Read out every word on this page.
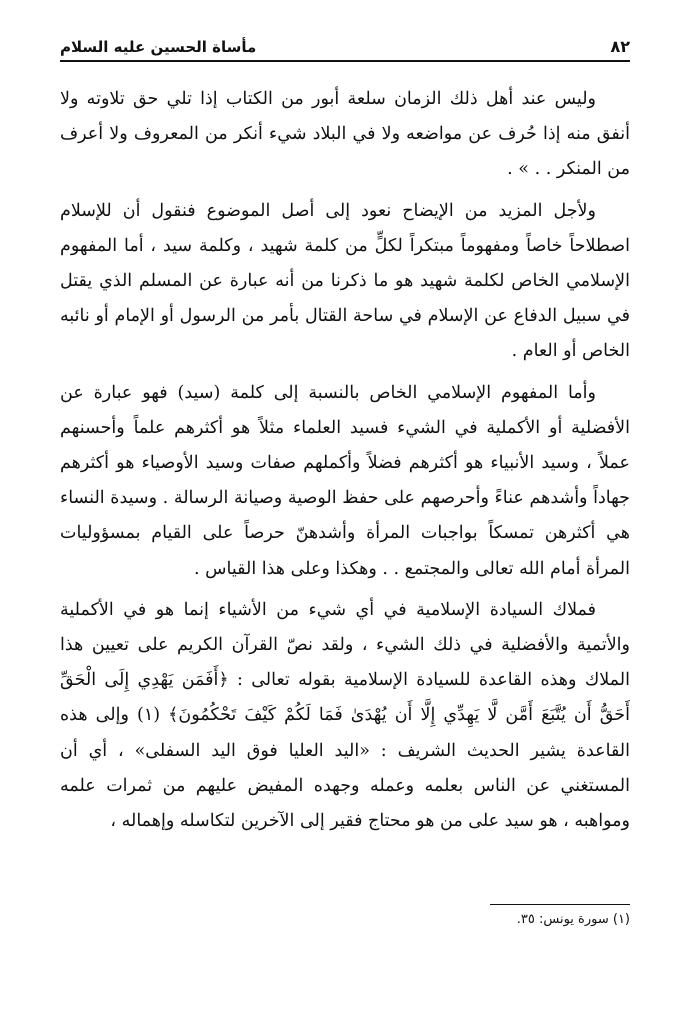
٨٢
مأساة الحسين عليه السلام

وليس عند أهل ذلك الزمان سلعة أبور من الكتاب إذا تلي حق تلاوته ولا أنفق منه إذا حُرف عن مواضعه ولا في البلاد شيء أنكر من المعروف ولا أعرف من المنكر . . » .

ولأجل المزيد من الإيضاح نعود إلى أصل الموضوع فنقول أن للإسلام اصطلاحاً خاصاً ومفهوماً مبتكراً لكلٍّ من كلمة شهيد ، وكلمة سيد ، أما المفهوم الإسلامي الخاص لكلمة شهيد هو ما ذكرنا من أنه عبارة عن المسلم الذي يقتل في سبيل الدفاع عن الإسلام في ساحة القتال بأمر من الرسول أو الإمام أو نائبه الخاص أو العام .

وأما المفهوم الإسلامي الخاص بالنسبة إلى كلمة (سيد) فهو عبارة عن الأفضلية أو الأكملية في الشيء فسيد العلماء مثلاً هو أكثرهم علماً وأحسنهم عملاً ، وسيد الأنبياء هو أكثرهم فضلاً وأكملهم صفات وسيد الأوصياء هو أكثرهم جهاداً وأشدهم عناءً وأحرصهم على حفظ الوصية وصيانة الرسالة . وسيدة النساء هي أكثرهن تمسكاً بواجبات المرأة وأشدهنّ حرصاً على القيام بمسؤوليات المرأة أمام الله تعالى والمجتمع . . وهكذا وعلى هذا القياس .

فملاك السيادة الإسلامية في أي شيء من الأشياء إنما هو في الأكملية والأتمية والأفضلية في ذلك الشيء ، ولقد نصّ القرآن الكريم على تعيين هذا الملاك وهذه القاعدة للسيادة الإسلامية بقوله تعالى : ﴿أَفَمَن يَهْدِي إِلَى الْحَقِّ أَحَقُّ أَن يُتَّبَعَ أَمَّن لَّا يَهِدِّي إِلَّا أَن يُهْدَىٰ فَمَا لَكُمْ كَيْفَ تَحْكُمُونَ﴾ (١) وإلى هذه القاعدة يشير الحديث الشريف : «اليد العليا فوق اليد السفلى» ، أي أن المستغني عن الناس بعلمه وعمله وجهده المفيض عليهم من ثمرات علمه ومواهبه ، هو سيد على من هو محتاج فقير إلى الآخرين لتكاسله وإهماله ،

(١) سورة يونس: ٣٥.
